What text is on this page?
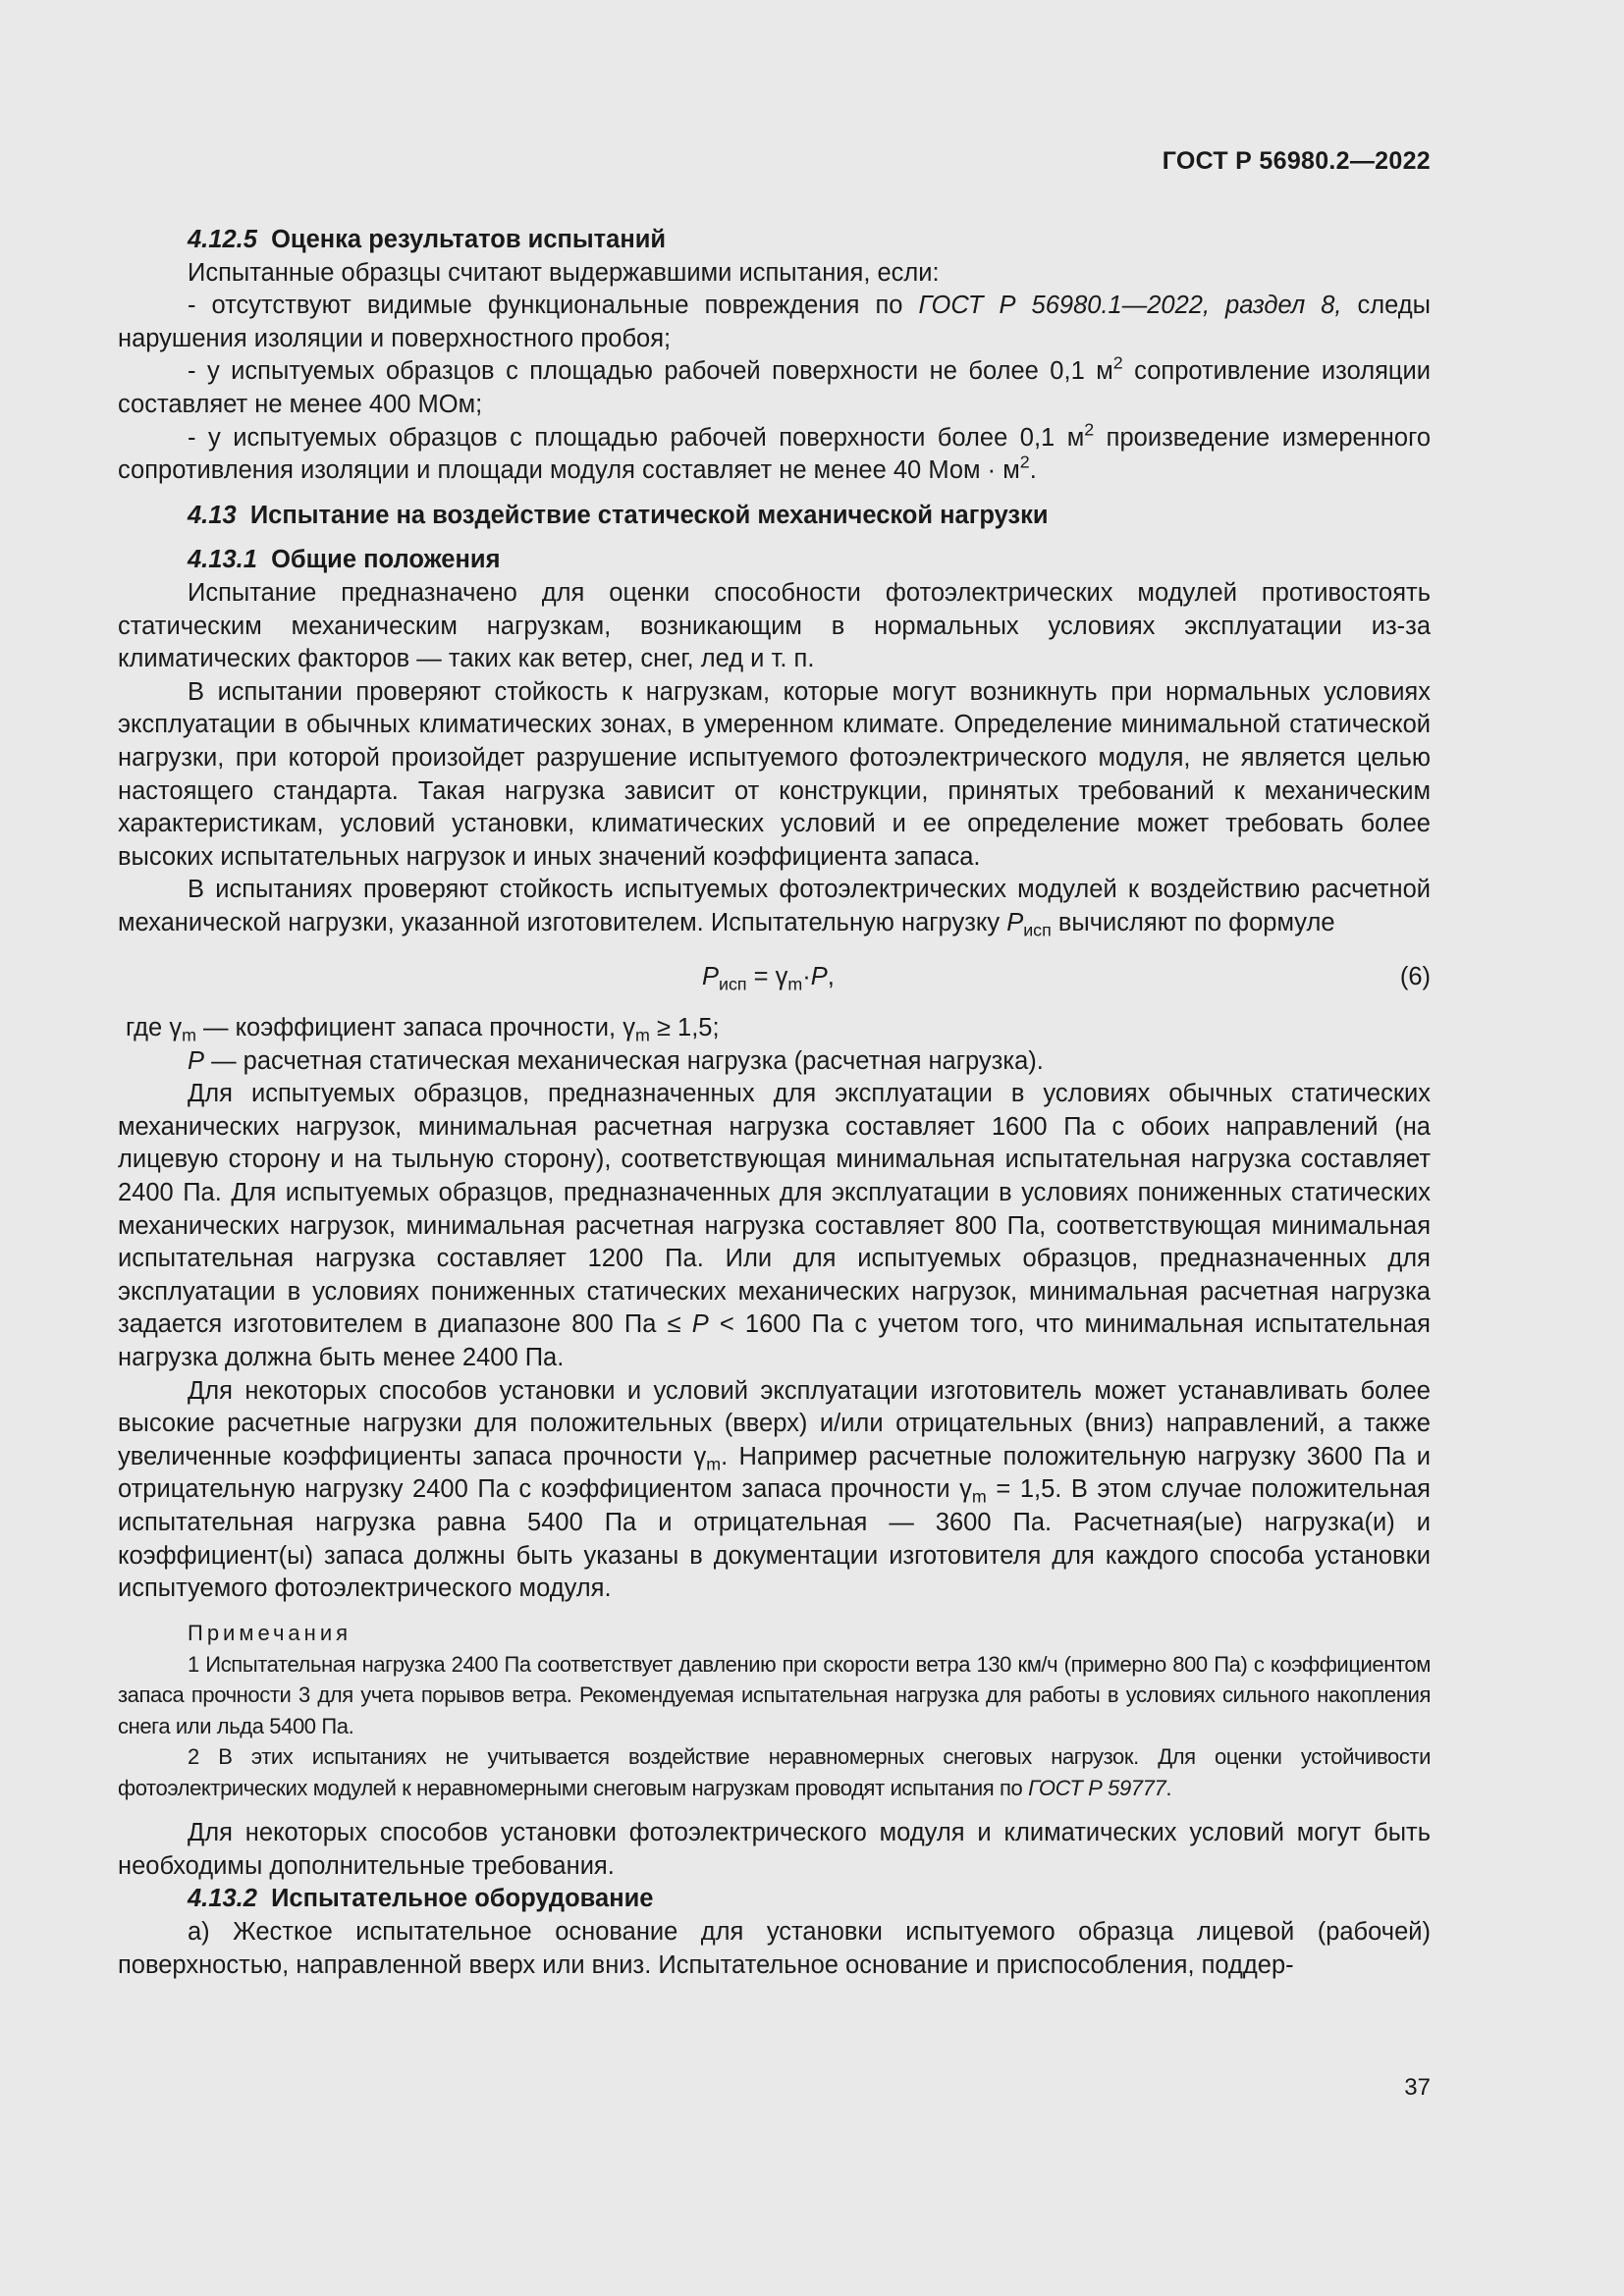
ГОСТ Р 56980.2—2022

4.12.5 Оценка результатов испытаний

Испытанные образцы считают выдержавшими испытания, если:

- отсутствуют видимые функциональные повреждения по ГОСТ Р 56980.1—2022, раздел 8, следы нарушения изоляции и поверхностного пробоя;

- у испытуемых образцов с площадью рабочей поверхности не более 0,1 $м^2$ сопротивление изоляции составляет не менее 400 МОм;

- у испытуемых образцов с площадью рабочей поверхности более 0,1 $м^2$ произведение измеренного сопротивления изоляции и площади модуля составляет не менее 40 Мом · $м^2$.

4.13 Испытание на воздействие статической механической нагрузки

4.13.1 Общие положения

Испытание предназначено для оценки способности фотоэлектрических модулей противостоять статическим механическим нагрузкам, возникающим в нормальных условиях эксплуатации из-за климатических факторов — таких как ветер, снег, лед и т. п.

В испытании проверяют стойкость к нагрузкам, которые могут возникнуть при нормальных условиях эксплуатации в обычных климатических зонах, в умеренном климате. Определение минимальной статической нагрузки, при которой произойдет разрушение испытуемого фотоэлектрического модуля, не является целью настоящего стандарта. Такая нагрузка зависит от конструкции, принятых требований к механическим характеристикам, условий установки, климатических условий и ее определение может требовать более высоких испытательных нагрузок и иных значений коэффициента запаса.

В испытаниях проверяют стойкость испытуемых фотоэлектрических модулей к воздействию расчетной механической нагрузки, указанной изготовителем. Испытательную нагрузку $P_{исп}$ вычисляют по формуле

$P_{исп} = \gamma_m\cdot P$,	(6)

где $\gamma_m$ — коэффициент запаса прочности, $\gamma_m \ge 1,5$;

P — расчетная статическая механическая нагрузка (расчетная нагрузка).

Для испытуемых образцов, предназначенных для эксплуатации в условиях обычных статических механических нагрузок, минимальная расчетная нагрузка составляет 1600 Па с обоих направлений (на лицевую сторону и на тыльную сторону), соответствующая минимальная испытательная нагрузка составляет 2400 Па. Для испытуемых образцов, предназначенных для эксплуатации в условиях пониженных статических механических нагрузок, минимальная расчетная нагрузка составляет 800 Па, соответствующая минимальная испытательная нагрузка составляет 1200 Па. Или для испытуемых образцов, предназначенных для эксплуатации в условиях пониженных статических механических нагрузок, минимальная расчетная нагрузка задается изготовителем в диапазоне 800 Па ≤ P < 1600 Па с учетом того, что минимальная испытательная нагрузка должна быть менее 2400 Па.

Для некоторых способов установки и условий эксплуатации изготовитель может устанавливать более высокие расчетные нагрузки для положительных (вверх) и/или отрицательных (вниз) направлений, а также увеличенные коэффициенты запаса прочности $\gamma_m$. Например расчетные положительную нагрузку 3600 Па и отрицательную нагрузку 2400 Па с коэффициентом запаса прочности $\gamma_m = 1,5$. В этом случае положительная испытательная нагрузка равна 5400 Па и отрицательная — 3600 Па. Расчетная(ые) нагрузка(и) и коэффициент(ы) запаса должны быть указаны в документации изготовителя для каждого способа установки испытуемого фотоэлектрического модуля.

Примечания

1 Испытательная нагрузка 2400 Па соответствует давлению при скорости ветра 130 км/ч (примерно 800 Па) с коэффициентом запаса прочности 3 для учета порывов ветра. Рекомендуемая испытательная нагрузка для работы в условиях сильного накопления снега или льда 5400 Па.

2 В этих испытаниях не учитывается воздействие неравномерных снеговых нагрузок. Для оценки устойчивости фотоэлектрических модулей к неравномерными снеговым нагрузкам проводят испытания по ГОСТ Р 59777.

Для некоторых способов установки фотоэлектрического модуля и климатических условий могут быть необходимы дополнительные требования.

4.13.2 Испытательное оборудование

а) Жесткое испытательное основание для установки испытуемого образца лицевой (рабочей) поверхностью, направленной вверх или вниз. Испытательное основание и приспособления, поддер-

37
